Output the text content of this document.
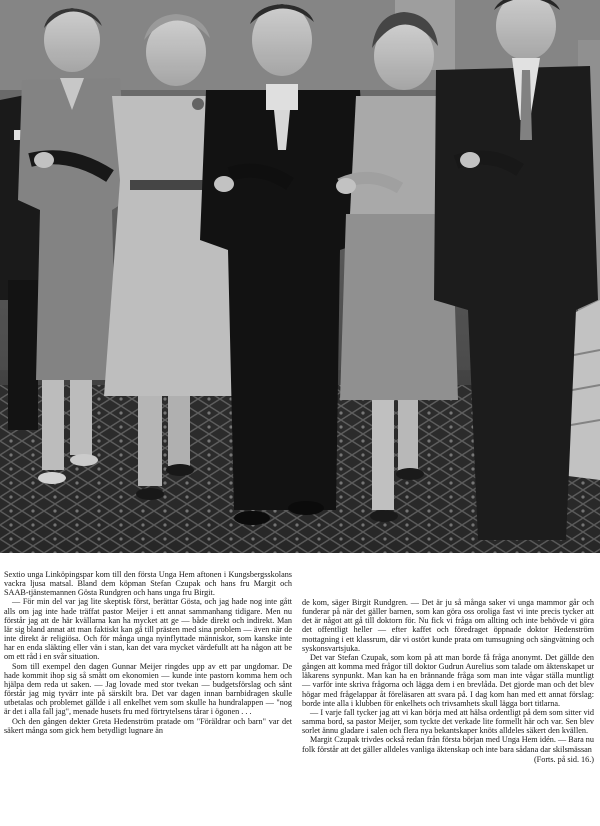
Sextio unga Linköpingspar kom till den första Unga Hem aftonen i Kungsbergsskolans vackra ljusa matsal. Bland dem köpman Stefan Czupak och hans fru Margit och SAAB-tjänstemannen Gösta Rundgren och hans unga fru Birgit.

— För min del var jag lite skeptisk först, berättar Gösta, och jag hade nog inte gått alls om jag inte hade träffat pastor Meijer i ett annat sammanhang tidigare. Men nu förstår jag att de här kvällarna kan ha mycket att ge — både direkt och indirekt. Man lär sig bland annat att man faktiskt kan gå till prästen med sina problem — även när de inte direkt är religiösa. Och för många unga nyinflyttade människor, som kanske inte har en enda släkting eller vän i stan, kan det vara mycket värdefullt att ha någon att be om ett råd i en svår situation.

Som till exempel den dagen Gunnar Meijer ringdes upp av ett par ungdomar. De hade kommit ihop sig så smått om ekonomien — kunde inte pastorn komma hem och hjälpa dem reda ut saken. — Jag lovade med stor tvekan — budgetsförslag och sånt förstår jag mig tyvärr inte på särskilt bra. Det var dagen innan barnbidragen skulle utbetalas och problemet gällde i all enkelhet vem som skulle ha hundralappen — "nog är det i alla fall jag", menade husets fru med förtrytelsens tårar i ögonen . . .

Och den gången dekter Greta Hedenström pratade om "Föräldrar och barn" var det säkert många som gick hem betydligt lugnare än

de kom, säger Birgit Rundgren. — Det är ju så många saker vi unga mammor går och funderar på när det gäller barnen, som kan göra oss oroliga fast vi inte precis tycker att det är något att gå till doktorn för. Nu fick vi fråga om allting och inte behövde vi göra det offentligt heller — efter kaffet och föredraget öppnade doktor Hedenström mottagning i ett klassrum, där vi ostört kunde prata om tumsugning och sängvätning och syskonsvartsjuka.

Det var Stefan Czupak, som kom på att man borde få fråga anonymt. Det gällde den gången att komma med frågor till doktor Gudrun Aurelius som talade om äktenskapet ur läkarens synpunkt. Man kan ha en brännande fråga som man inte vågar ställa muntligt — varför inte skriva frågorna och lägga dem i en brevlåda. Det gjorde man och det blev högar med frågelappar åt föreläsaren att svara på. I dag kom han med ett annat förslag: borde inte alla i klubben för enkelhets och trivsamhets skull lägga bort titlarna.

— I varje fall tycker jag att vi kan börja med att hälsa ordentligt på dem som sitter vid samma bord, sa pastor Meijer, som tyckte det verkade lite formellt här och var. Sen blev sorlet ännu gladare i salen och flera nya bekantskaper knöts alldeles säkert den kvällen.

Margit Czupak trivdes också redan från första början med Unga Hem idén. — Bara nu folk förstår att det gäller alldeles vanliga äktenskap och inte bara sådana dar skilsmässan

(Forts. på sid. 16.)
